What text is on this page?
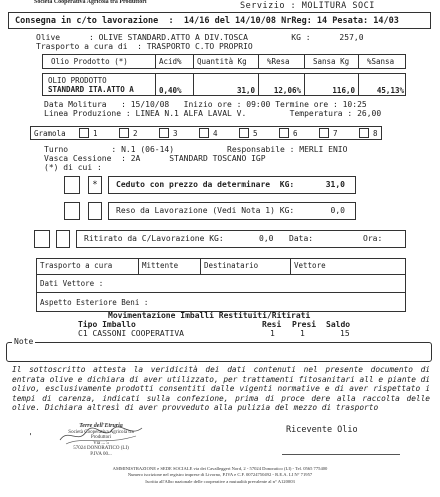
Società Cooperativa Agricola tra Produttori	Servizio : MOLITURA SOCI
Consegna in c/to lavorazione  :  14/16 del 14/10/08 NrReg: 14 Pesata: 14/03
Olive      : OLIVE STANDARD.ATTO A DIV.TOSCA         KG :      257,0
Trasporto a cura di  : TRASPORTO C.TO PROPRIO
Olio Prodotto (*)	Acid%	Quantità Kg	%Resa	Sansa Kg	%Sansa
OLIO PRODOTTO
STANDARD ITA.ATTO A	0,40%	31,0	12,06%	116,0	45,13%
Data Molitura   : 15/10/08   Inizio ore : 09:00 Termine ore : 10:25
Linea Produzione : LINEA N.1 ALFA LAVAL V.         Temperatura : 26,00
Gramola	1	2	3	4	5	6	7	8
Turno         : N.1 (06-14)           Responsabile : MERLI ENIO
Vasca Cessione  : 2A      STANDARD TOSCANO IGP
(*) di cui :
*	Ceduto con prezzo da determinare  KG:	31,0
Reso da Lavorazione (Vedi Nota 1) KG:	0,0
Ritirato da C/Lavorazione KG:	0,0 Data:	Ora:
Trasporto a cura	Mittente	Destinatario	Vettore
Dati Vettore :
Aspetto Esteriore Beni :
Movimentazione Imballi Restituiti/Ritirati
Tipo Imballo	Resi Presi Saldo
C1 CASSONI COOPERATIVA	1	1	15
Note
Il sottoscritto attesta la veridicità dei dati contenuti nel presente documento di entrata olive e dichiara di aver utilizzato, per trattamenti fitosanitari all e piante di olivo, esclusivamente prodotti consentiti dalle vigenti normative e di aver rispettato i tempi di carenza, indicati sulla confezione, prima di proce dere alla raccolta delle olive. Dichiara altresì di aver provveduto alla pulizia del mezzo di trasporto
'
Terre dell'Etruria
Società Cooperativa Agricola tra Produttori
Via ... 5
57024 DONORATICO (LI)
P.IVA 00...
Ricevente Olio
AMMINISTRAZIONE e SEDE SOCIALE via dei Cavalleggeri Nord, 2 - 57024 Donoratico (LI) - Tel. 0565 775400
Numero iscrizione nel registro imprese di Livorno, P.IVA e C.F. 00724750492 - R.E.A. LI N° 71957
Iscritta all'Albo nazionale delle cooperative a mutualità prevalente al n° A120003
